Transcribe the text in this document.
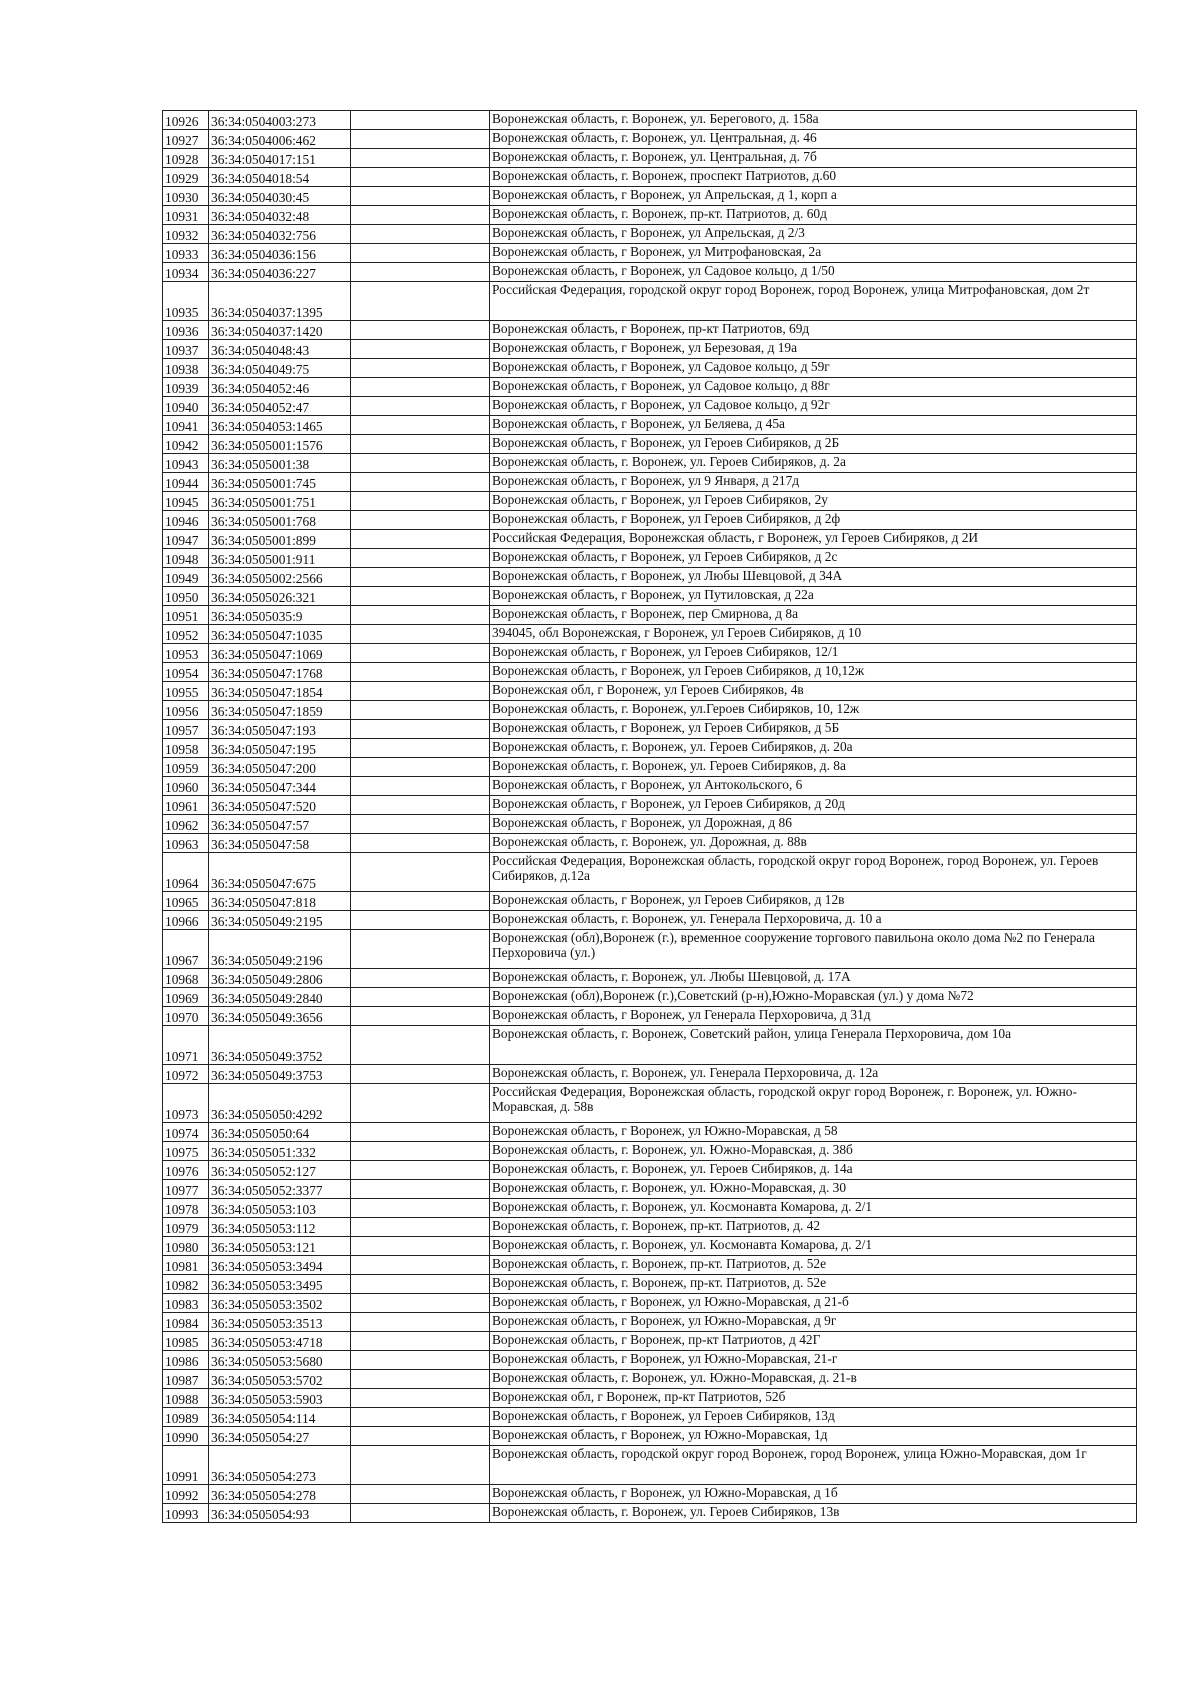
10926	36:34:0504003:273		Воронежская область, г. Воронеж, ул. Берегового, д. 158а
10927	36:34:0504006:462		Воронежская область, г. Воронеж, ул. Центральная, д. 46
10928	36:34:0504017:151		Воронежская область, г. Воронеж, ул. Центральная, д. 7б
10929	36:34:0504018:54		Воронежская область, г. Воронеж, проспект Патриотов, д.60
10930	36:34:0504030:45		Воронежская область, г Воронеж, ул Апрельская, д 1, корп а
10931	36:34:0504032:48		Воронежская область, г. Воронеж, пр-кт. Патриотов, д. 60д
10932	36:34:0504032:756		Воронежская область, г Воронеж, ул Апрельская, д 2/3
10933	36:34:0504036:156		Воронежская область, г Воронеж, ул Митрофановская, 2а
10934	36:34:0504036:227		Воронежская область, г Воронеж, ул Садовое кольцо, д 1/50
10935	36:34:0504037:1395		Российская Федерация, городской округ город Воронеж, город Воронеж, улица Митрофановская, дом 2т
10936	36:34:0504037:1420		Воронежская область, г Воронеж, пр-кт Патриотов, 69д
10937	36:34:0504048:43		Воронежская область, г Воронеж, ул Березовая, д 19а
10938	36:34:0504049:75		Воронежская область, г Воронеж, ул Садовое кольцо, д 59г
10939	36:34:0504052:46		Воронежская область, г Воронеж, ул Садовое кольцо, д 88г
10940	36:34:0504052:47		Воронежская область, г Воронеж, ул Садовое кольцо, д 92г
10941	36:34:0504053:1465		Воронежская область, г Воронеж, ул Беляева, д 45а
10942	36:34:0505001:1576		Воронежская область, г Воронеж, ул Героев Сибиряков, д 2Б
10943	36:34:0505001:38		Воронежская область, г. Воронеж, ул. Героев Сибиряков, д. 2а
10944	36:34:0505001:745		Воронежская область, г Воронеж, ул 9 Января, д 217д
10945	36:34:0505001:751		Воронежская область, г Воронеж, ул Героев Сибиряков, 2у
10946	36:34:0505001:768		Воронежская область, г Воронеж, ул Героев Сибиряков, д 2ф
10947	36:34:0505001:899		Российская Федерация, Воронежская область, г Воронеж, ул Героев Сибиряков, д 2И
10948	36:34:0505001:911		Воронежская область, г Воронеж, ул Героев Сибиряков, д 2с
10949	36:34:0505002:2566		Воронежская область, г Воронеж, ул Любы Шевцовой, д 34А
10950	36:34:0505026:321		Воронежская область, г Воронеж, ул Путиловская, д 22а
10951	36:34:0505035:9		Воронежская область, г Воронеж, пер Смирнова, д 8а
10952	36:34:0505047:1035		394045, обл Воронежская, г Воронеж, ул Героев Сибиряков, д 10
10953	36:34:0505047:1069		Воронежская область, г Воронеж, ул Героев Сибиряков, 12/1
10954	36:34:0505047:1768		Воронежская область, г Воронеж, ул Героев Сибиряков, д 10,12ж
10955	36:34:0505047:1854		Воронежская обл, г Воронеж, ул Героев Сибиряков, 4в
10956	36:34:0505047:1859		Воронежская область, г. Воронеж, ул.Героев Сибиряков, 10, 12ж
10957	36:34:0505047:193		Воронежская область, г Воронеж, ул Героев Сибиряков, д 5Б
10958	36:34:0505047:195		Воронежская область, г. Воронеж, ул. Героев Сибиряков, д. 20а
10959	36:34:0505047:200		Воронежская область, г. Воронеж, ул. Героев Сибиряков, д. 8а
10960	36:34:0505047:344		Воронежская область, г Воронеж, ул Антокольского, 6
10961	36:34:0505047:520		Воронежская область, г Воронеж, ул Героев Сибиряков, д 20д
10962	36:34:0505047:57		Воронежская область, г Воронеж, ул Дорожная, д 86
10963	36:34:0505047:58		Воронежская область, г. Воронеж, ул. Дорожная, д. 88в
10964	36:34:0505047:675		Российская Федерация, Воронежская область, городской округ город Воронеж, город Воронеж, ул. Героев Сибиряков, д.12а
10965	36:34:0505047:818		Воронежская область, г Воронеж, ул Героев Сибиряков, д 12в
10966	36:34:0505049:2195		Воронежская область, г. Воронеж, ул. Генерала Перхоровича, д. 10 а
10967	36:34:0505049:2196		Воронежская (обл),Воронеж (г.), временное сооружение торгового павильона около дома №2 по Генерала Перхоровича (ул.)
10968	36:34:0505049:2806		Воронежская область, г. Воронеж, ул. Любы Шевцовой, д. 17А
10969	36:34:0505049:2840		Воронежская (обл),Воронеж (г.),Советский (р-н),Южно-Моравская (ул.) у дома №72
10970	36:34:0505049:3656		Воронежская область, г Воронеж, ул Генерала Перхоровича, д 31д
10971	36:34:0505049:3752		Воронежская область, г. Воронеж, Советский район, улица Генерала Перхоровича, дом 10а
10972	36:34:0505049:3753		Воронежская область, г. Воронеж, ул. Генерала Перхоровича, д. 12а
10973	36:34:0505050:4292		Российская Федерация, Воронежская область, городской округ город Воронеж, г. Воронеж, ул. Южно-Моравская, д. 58в
10974	36:34:0505050:64		Воронежская область, г Воронеж, ул Южно-Моравская, д 58
10975	36:34:0505051:332		Воронежская область, г. Воронеж, ул. Южно-Моравская, д. 38б
10976	36:34:0505052:127		Воронежская область, г. Воронеж, ул. Героев Сибиряков, д. 14а
10977	36:34:0505052:3377		Воронежская область, г. Воронеж, ул. Южно-Моравская, д. 30
10978	36:34:0505053:103		Воронежская область, г. Воронеж, ул. Космонавта Комарова, д. 2/1
10979	36:34:0505053:112		Воронежская область, г. Воронеж, пр-кт. Патриотов, д. 42
10980	36:34:0505053:121		Воронежская область, г. Воронеж, ул. Космонавта Комарова, д. 2/1
10981	36:34:0505053:3494		Воронежская область, г. Воронеж, пр-кт. Патриотов, д. 52е
10982	36:34:0505053:3495		Воронежская область, г. Воронеж, пр-кт. Патриотов, д. 52е
10983	36:34:0505053:3502		Воронежская область, г Воронеж, ул Южно-Моравская, д 21-б
10984	36:34:0505053:3513		Воронежская область, г Воронеж, ул Южно-Моравская, д 9г
10985	36:34:0505053:4718		Воронежская область, г Воронеж, пр-кт Патриотов, д 42Г
10986	36:34:0505053:5680		Воронежская область, г Воронеж, ул Южно-Моравская, 21-г
10987	36:34:0505053:5702		Воронежская область, г. Воронеж, ул. Южно-Моравская, д. 21-в
10988	36:34:0505053:5903		Воронежская обл, г Воронеж, пр-кт Патриотов, 52б
10989	36:34:0505054:114		Воронежская область, г Воронеж, ул Героев Сибиряков, 13д
10990	36:34:0505054:27		Воронежская область, г Воронеж, ул Южно-Моравская, 1д
10991	36:34:0505054:273		Воронежская область, городской округ город Воронеж, город Воронеж, улица Южно-Моравская, дом 1г
10992	36:34:0505054:278		Воронежская область, г Воронеж, ул Южно-Моравская, д 1б
10993	36:34:0505054:93		Воронежская область, г. Воронеж, ул. Героев Сибиряков, 13в
